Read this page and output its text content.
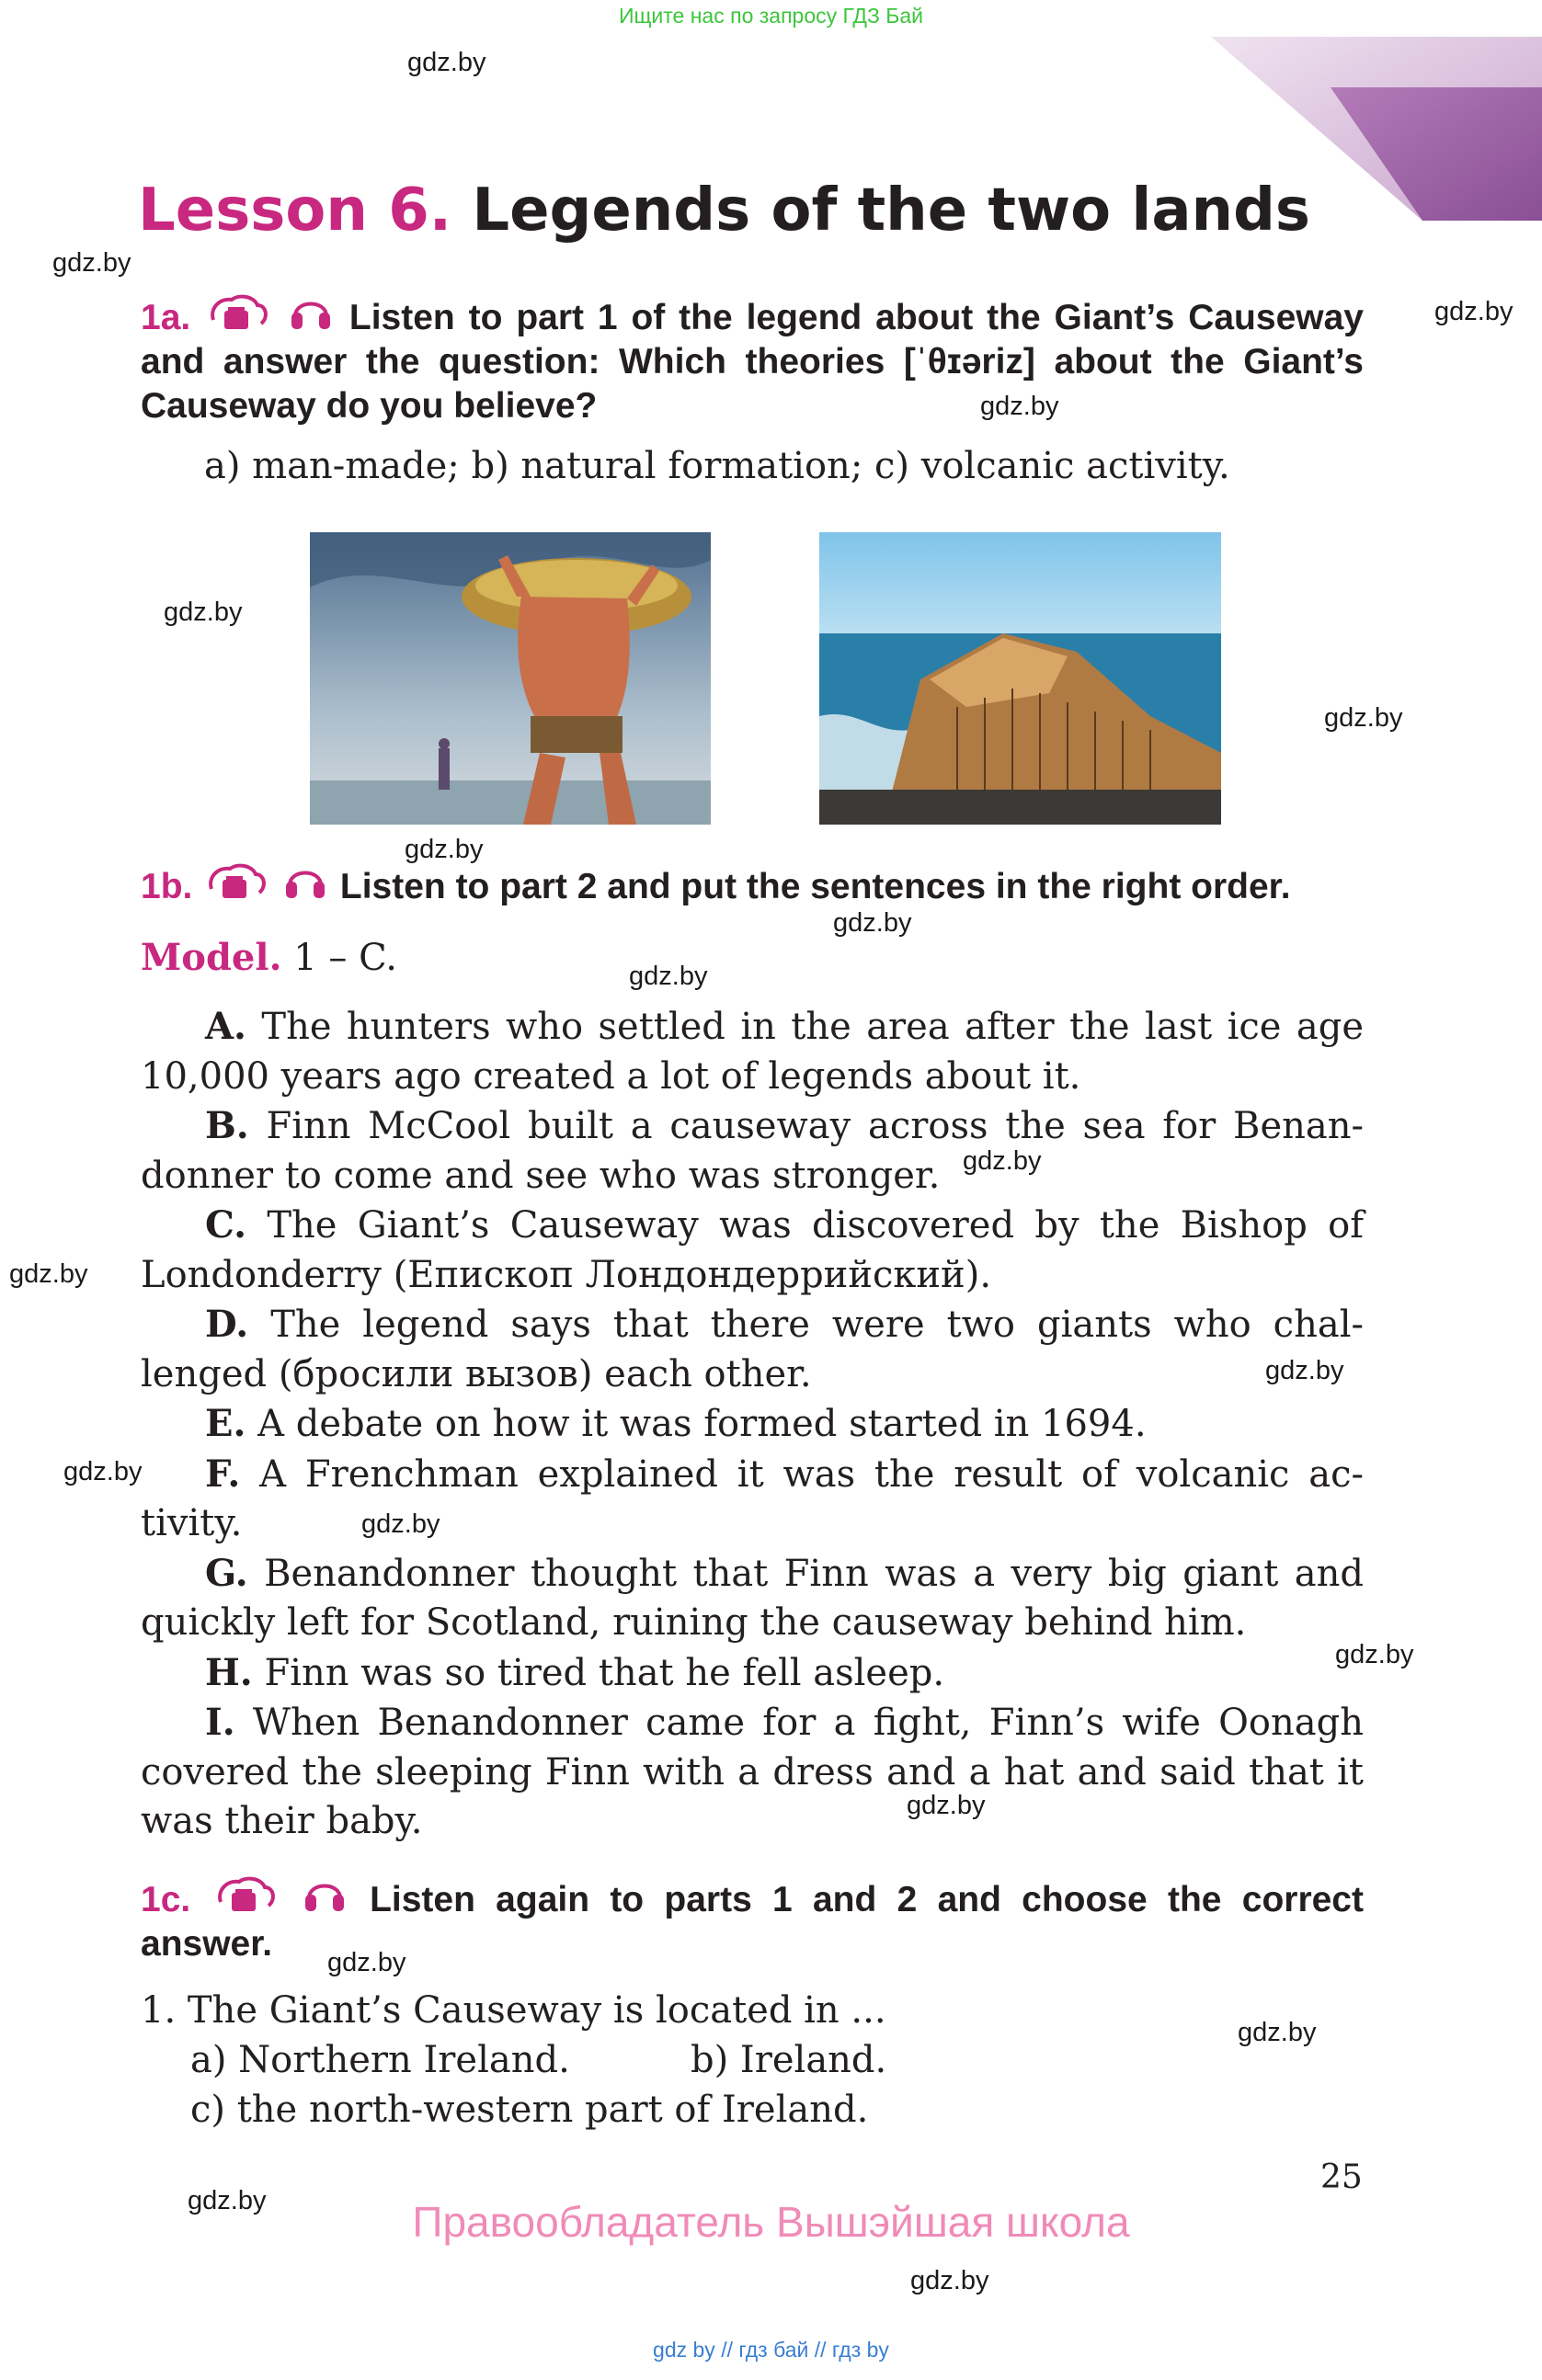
Ищите нас по запросу ГДЗ Бай
gdz by // гдз бай // гдз by
gdz.by
gdz.by
gdz.by
gdz.by
gdz.by
gdz.by
gdz.by
gdz.by
gdz.by
gdz.by
gdz.by
gdz.by
gdz.by
gdz.by
gdz.by
gdz.by
gdz.by
gdz.by
gdz.by
gdz.by
Lesson 6. Legends of the two lands
1a.	Listen to part 1 of the legend about the Giant’s Causeway and answer the question: Which theories [ˈθɪəriz] about the Giant’s Causeway do you believe?
a) man-made; b) natural formation; c) volcanic activity.
1b.	Listen to part 2 and put the sentences in the right order.
Model. 1 – C.

A. The hunters who settled in the area after the last ice age 10,000 years ago created a lot of legends about it.

B. Finn McCool built a causeway across the sea for Benandonner to come and see who was stronger.

C. The Giant’s Causeway was discovered by the Bishop of Londonderry (Епископ Лондондеррийский).

D. The legend says that there were two giants who challenged (бросили вызов) each other.

E. A debate on how it was formed started in 1694.

F. A Frenchman explained it was the result of volcanic activity.

G. Benandonner thought that Finn was a very big giant and quickly left for Scotland, ruining the causeway behind him.

H. Finn was so tired that he fell asleep.

I. When Benandonner came for a fight, Finn’s wife Oonagh covered the sleeping Finn with a dress and a hat and said that it was their baby.

1c.	Listen again to parts 1 and 2 and choose the correct answer.
1. The Giant’s Causeway is located in ...
a) Northern Ireland.	b) Ireland.
c) the north-western part of Ireland.
25
Правообладатель Вышэйшая школа
